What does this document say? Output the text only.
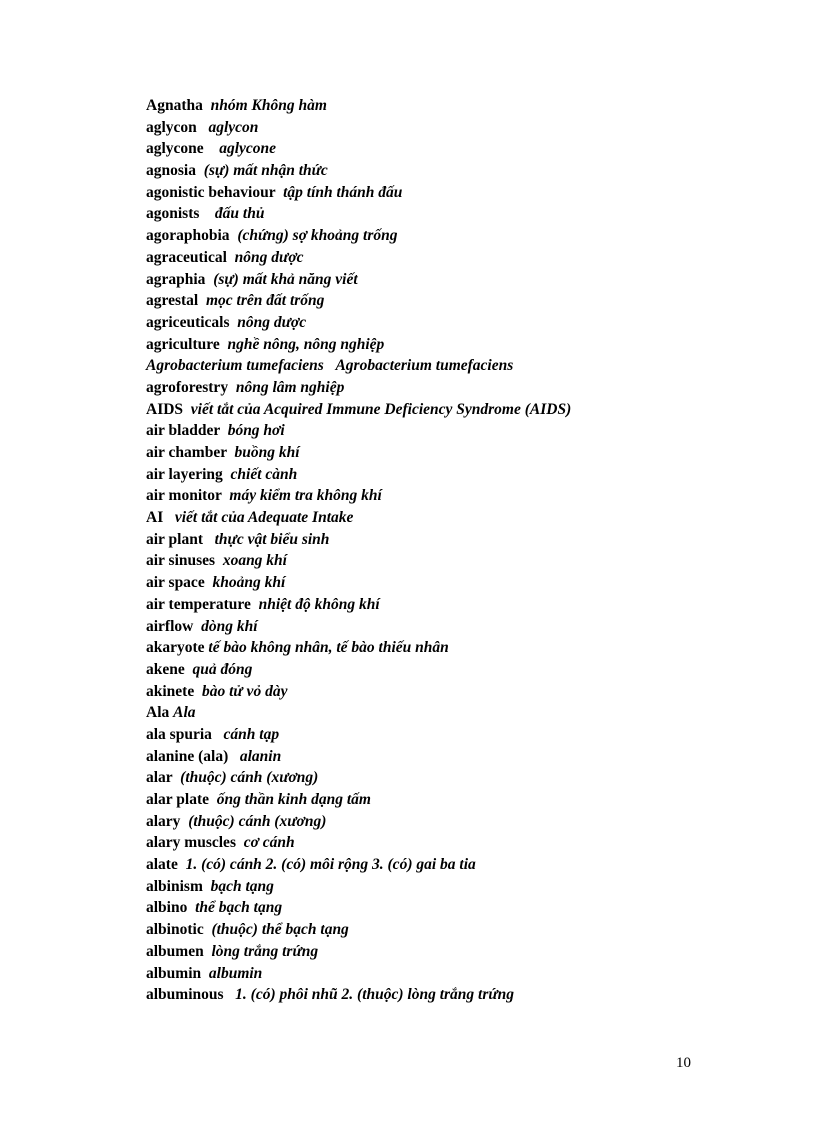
Agnatha nhóm Không hàm
aglycon aglycon
aglycone aglycone
agnosia (sự) mất nhận thức
agonistic behaviour tập tính thánh đấu
agonists đấu thủ
agoraphobia (chứng) sợ khoảng trống
agraceutical nông dược
agraphia (sự) mất khả năng viết
agrestal mọc trên đất trống
agriceuticals nông dược
agriculture nghề nông, nông nghiệp
Agrobacterium tumefaciens Agrobacterium tumefaciens
agroforestry nông lâm nghiệp
AIDS viết tắt của Acquired Immune Deficiency Syndrome (AIDS)
air bladder bóng hơi
air chamber buồng khí
air layering chiết cành
air monitor máy kiểm tra không khí
AI viết tắt của Adequate Intake
air plant thực vật biểu sinh
air sinuses xoang khí
air space khoảng khí
air temperature nhiệt độ không khí
airflow dòng khí
akaryote tế bào không nhân, tế bào thiếu nhân
akene quả đóng
akinete bào tử vỏ dày
Ala Ala
ala spuria cánh tạp
alanine (ala) alanin
alar (thuộc) cánh (xương)
alar plate ống thần kinh dạng tấm
alary (thuộc) cánh (xương)
alary muscles cơ cánh
alate 1. (có) cánh 2. (có) môi rộng 3. (có) gai ba tia
albinism bạch tạng
albino thể bạch tạng
albinotic (thuộc) thể bạch tạng
albumen lòng trắng trứng
albumin albumin
albuminous 1. (có) phôi nhũ 2. (thuộc) lòng trắng trứng
10
